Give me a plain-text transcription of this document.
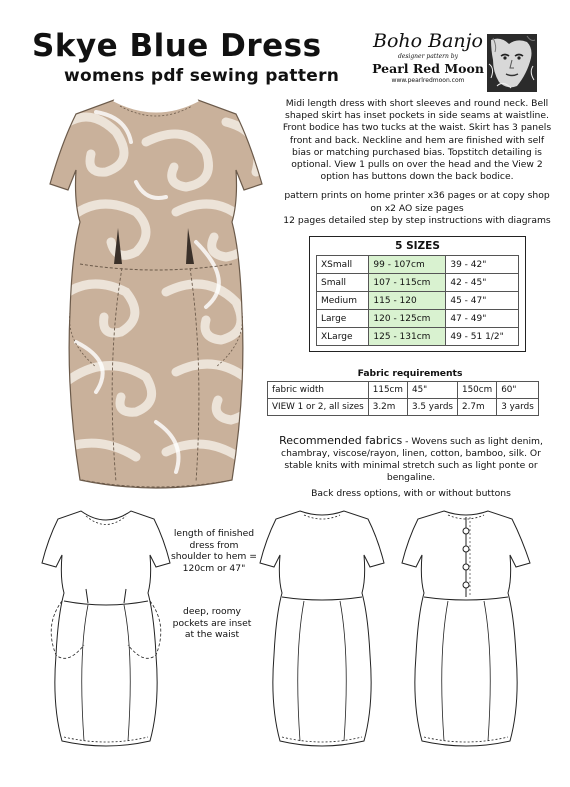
Skye Blue Dress
womens pdf sewing pattern
Boho Banjo
designer pattern by
Pearl Red Moon
www.pearlredmoon.com

Midi length dress with short sleeves and round neck. Bell shaped skirt has inset pockets in side seams at waistline. Front bodice has two tucks at the waist. Skirt has 3 panels front and back. Neckline and hem are finished with self bias or matching purchased bias. Topstitch detailing is optional. View 1 pulls on over the head and the View 2 option has buttons down the back bodice.

pattern prints on home printer x36 pages or at copy shop on x2 AO size pages

12 pages detailed step by step instructions with diagrams

5 SIZES
XSmall	99 - 107cm	39 - 42"
Small	107 - 115cm	42 - 45"
Medium	115 - 120	45 - 47"
Large	120 - 125cm	47 - 49"
XLarge	125 - 131cm	49 - 51 1/2"
Fabric requirements
fabric width	115cm	45"	150cm	60"
VIEW 1 or 2, all sizes	3.2m	3.5 yards	2.7m	3 yards
Recommended fabrics - Wovens such as light denim, chambray, viscose/rayon, linen, cotton, bamboo, silk. Or stable knits with minimal stretch such as light ponte or bengaline.
Back dress options, with or without buttons
length of finished dress from shoulder to hem = 120cm or 47"
deep, roomy pockets are inset at the waist
